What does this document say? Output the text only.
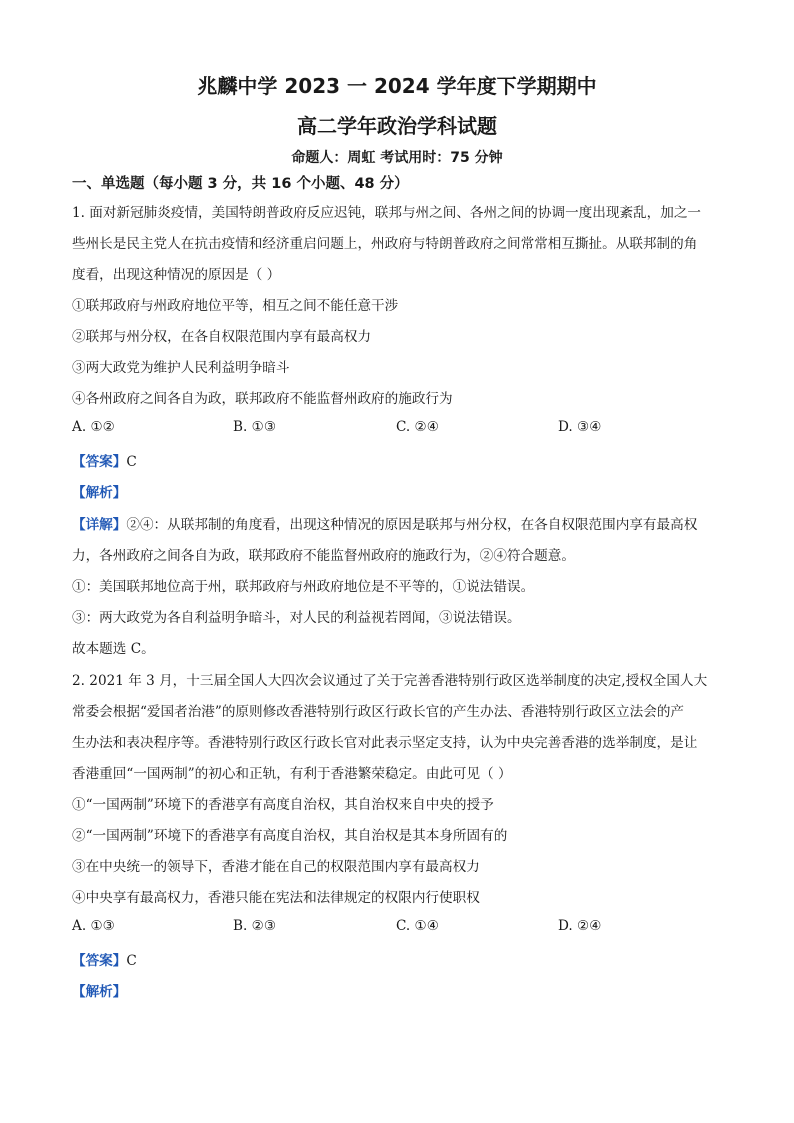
兆麟中学 2023 一 2024 学年度下学期期中
高二学年政治学科试题
命题人：周虹 考试用时：75 分钟
一、单选题（每小题 3 分，共 16 个小题、48 分）
1. 面对新冠肺炎疫情，美国特朗普政府反应迟钝，联邦与州之间、各州之间的协调一度出现紊乱，加之一
些州长是民主党人在抗击疫情和经济重启问题上，州政府与特朗普政府之间常常相互撕扯。从联邦制的角
度看，出现这种情况的原因是（ ）
①联邦政府与州政府地位平等，相互之间不能任意干涉
②联邦与州分权，在各自权限范围内享有最高权力
③两大政党为维护人民利益明争暗斗
④各州政府之间各自为政，联邦政府不能监督州政府的施政行为
A. ①②	B. ①③	C. ②④	D. ③④
【答案】C
【解析】
【详解】②④：从联邦制的角度看，出现这种情况的原因是联邦与州分权，在各自权限范围内享有最高权
力，各州政府之间各自为政，联邦政府不能监督州政府的施政行为，②④符合题意。
①：美国联邦地位高于州，联邦政府与州政府地位是不平等的，①说法错误。
③：两大政党为各自利益明争暗斗，对人民的利益视若罔闻，③说法错误。
故本题选 C。
2. 2021 年 3 月，十三届全国人大四次会议通过了关于完善香港特别行政区选举制度的决定,授权全国人大
常委会根据“爱国者治港”的原则修改香港特别行政区行政长官的产生办法、香港特别行政区立法会的产
生办法和表决程序等。香港特别行政区行政长官对此表示坚定支持，认为中央完善香港的选举制度，是让
香港重回“一国两制”的初心和正轨，有利于香港繁荣稳定。由此可见（ ）
①“一国两制”环境下的香港享有高度自治权，其自治权来自中央的授予
②“一国两制”环境下的香港享有高度自治权，其自治权是其本身所固有的
③在中央统一的领导下，香港才能在自己的权限范围内享有最高权力
④中央享有最高权力，香港只能在宪法和法律规定的权限内行使职权
A. ①③	B. ②③	C. ①④	D. ②④
【答案】C
【解析】
